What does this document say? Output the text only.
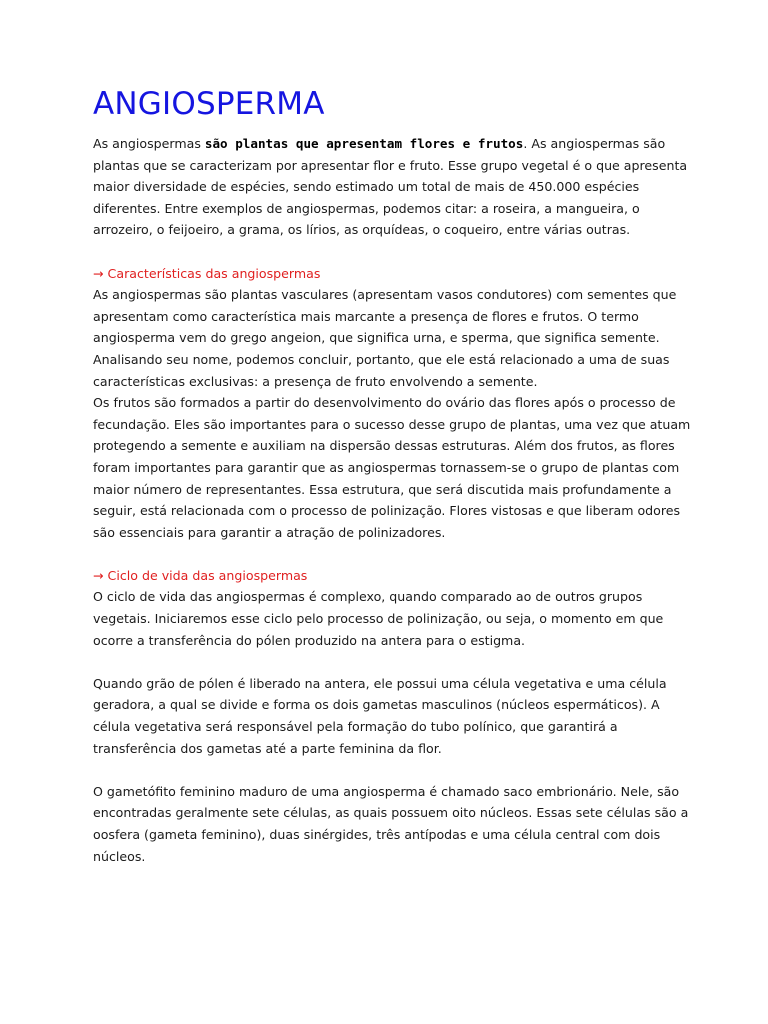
ANGIOSPERMA

As angiospermas são plantas que apresentam flores e frutos. As angiospermas são plantas que se caracterizam por apresentar flor e fruto. Esse grupo vegetal é o que apresenta maior diversidade de espécies, sendo estimado um total de mais de 450.000 espécies diferentes. Entre exemplos de angiospermas, podemos citar: a roseira, a mangueira, o arrozeiro, o feijoeiro, a grama, os lírios, as orquídeas, o coqueiro, entre várias outras.

→ Características das angiospermas

As angiospermas são plantas vasculares (apresentam vasos condutores) com sementes que apresentam como característica mais marcante a presença de flores e frutos. O termo angiosperma vem do grego angeion, que significa urna, e sperma, que significa semente. Analisando seu nome, podemos concluir, portanto, que ele está relacionado a uma de suas características exclusivas: a presença de fruto envolvendo a semente.

Os frutos são formados a partir do desenvolvimento do ovário das flores após o processo de fecundação. Eles são importantes para o sucesso desse grupo de plantas, uma vez que atuam protegendo a semente e auxiliam na dispersão dessas estruturas. Além dos frutos, as flores foram importantes para garantir que as angiospermas tornassem-se o grupo de plantas com maior número de representantes. Essa estrutura, que será discutida mais profundamente a seguir, está relacionada com o processo de polinização. Flores vistosas e que liberam odores são essenciais para garantir a atração de polinizadores.

→ Ciclo de vida das angiospermas

O ciclo de vida das angiospermas é complexo, quando comparado ao de outros grupos vegetais. Iniciaremos esse ciclo pelo processo de polinização, ou seja, o momento em que ocorre a transferência do pólen produzido na antera para o estigma.

Quando grão de pólen é liberado na antera, ele possui uma célula vegetativa e uma célula geradora, a qual se divide e forma os dois gametas masculinos (núcleos espermáticos). A célula vegetativa será responsável pela formação do tubo polínico, que garantirá a transferência dos gametas até a parte feminina da flor.

O gametófito feminino maduro de uma angiosperma é chamado saco embrionário. Nele, são encontradas geralmente sete células, as quais possuem oito núcleos. Essas sete células são a oosfera (gameta feminino), duas sinérgides, três antípodas e uma célula central com dois núcleos.
